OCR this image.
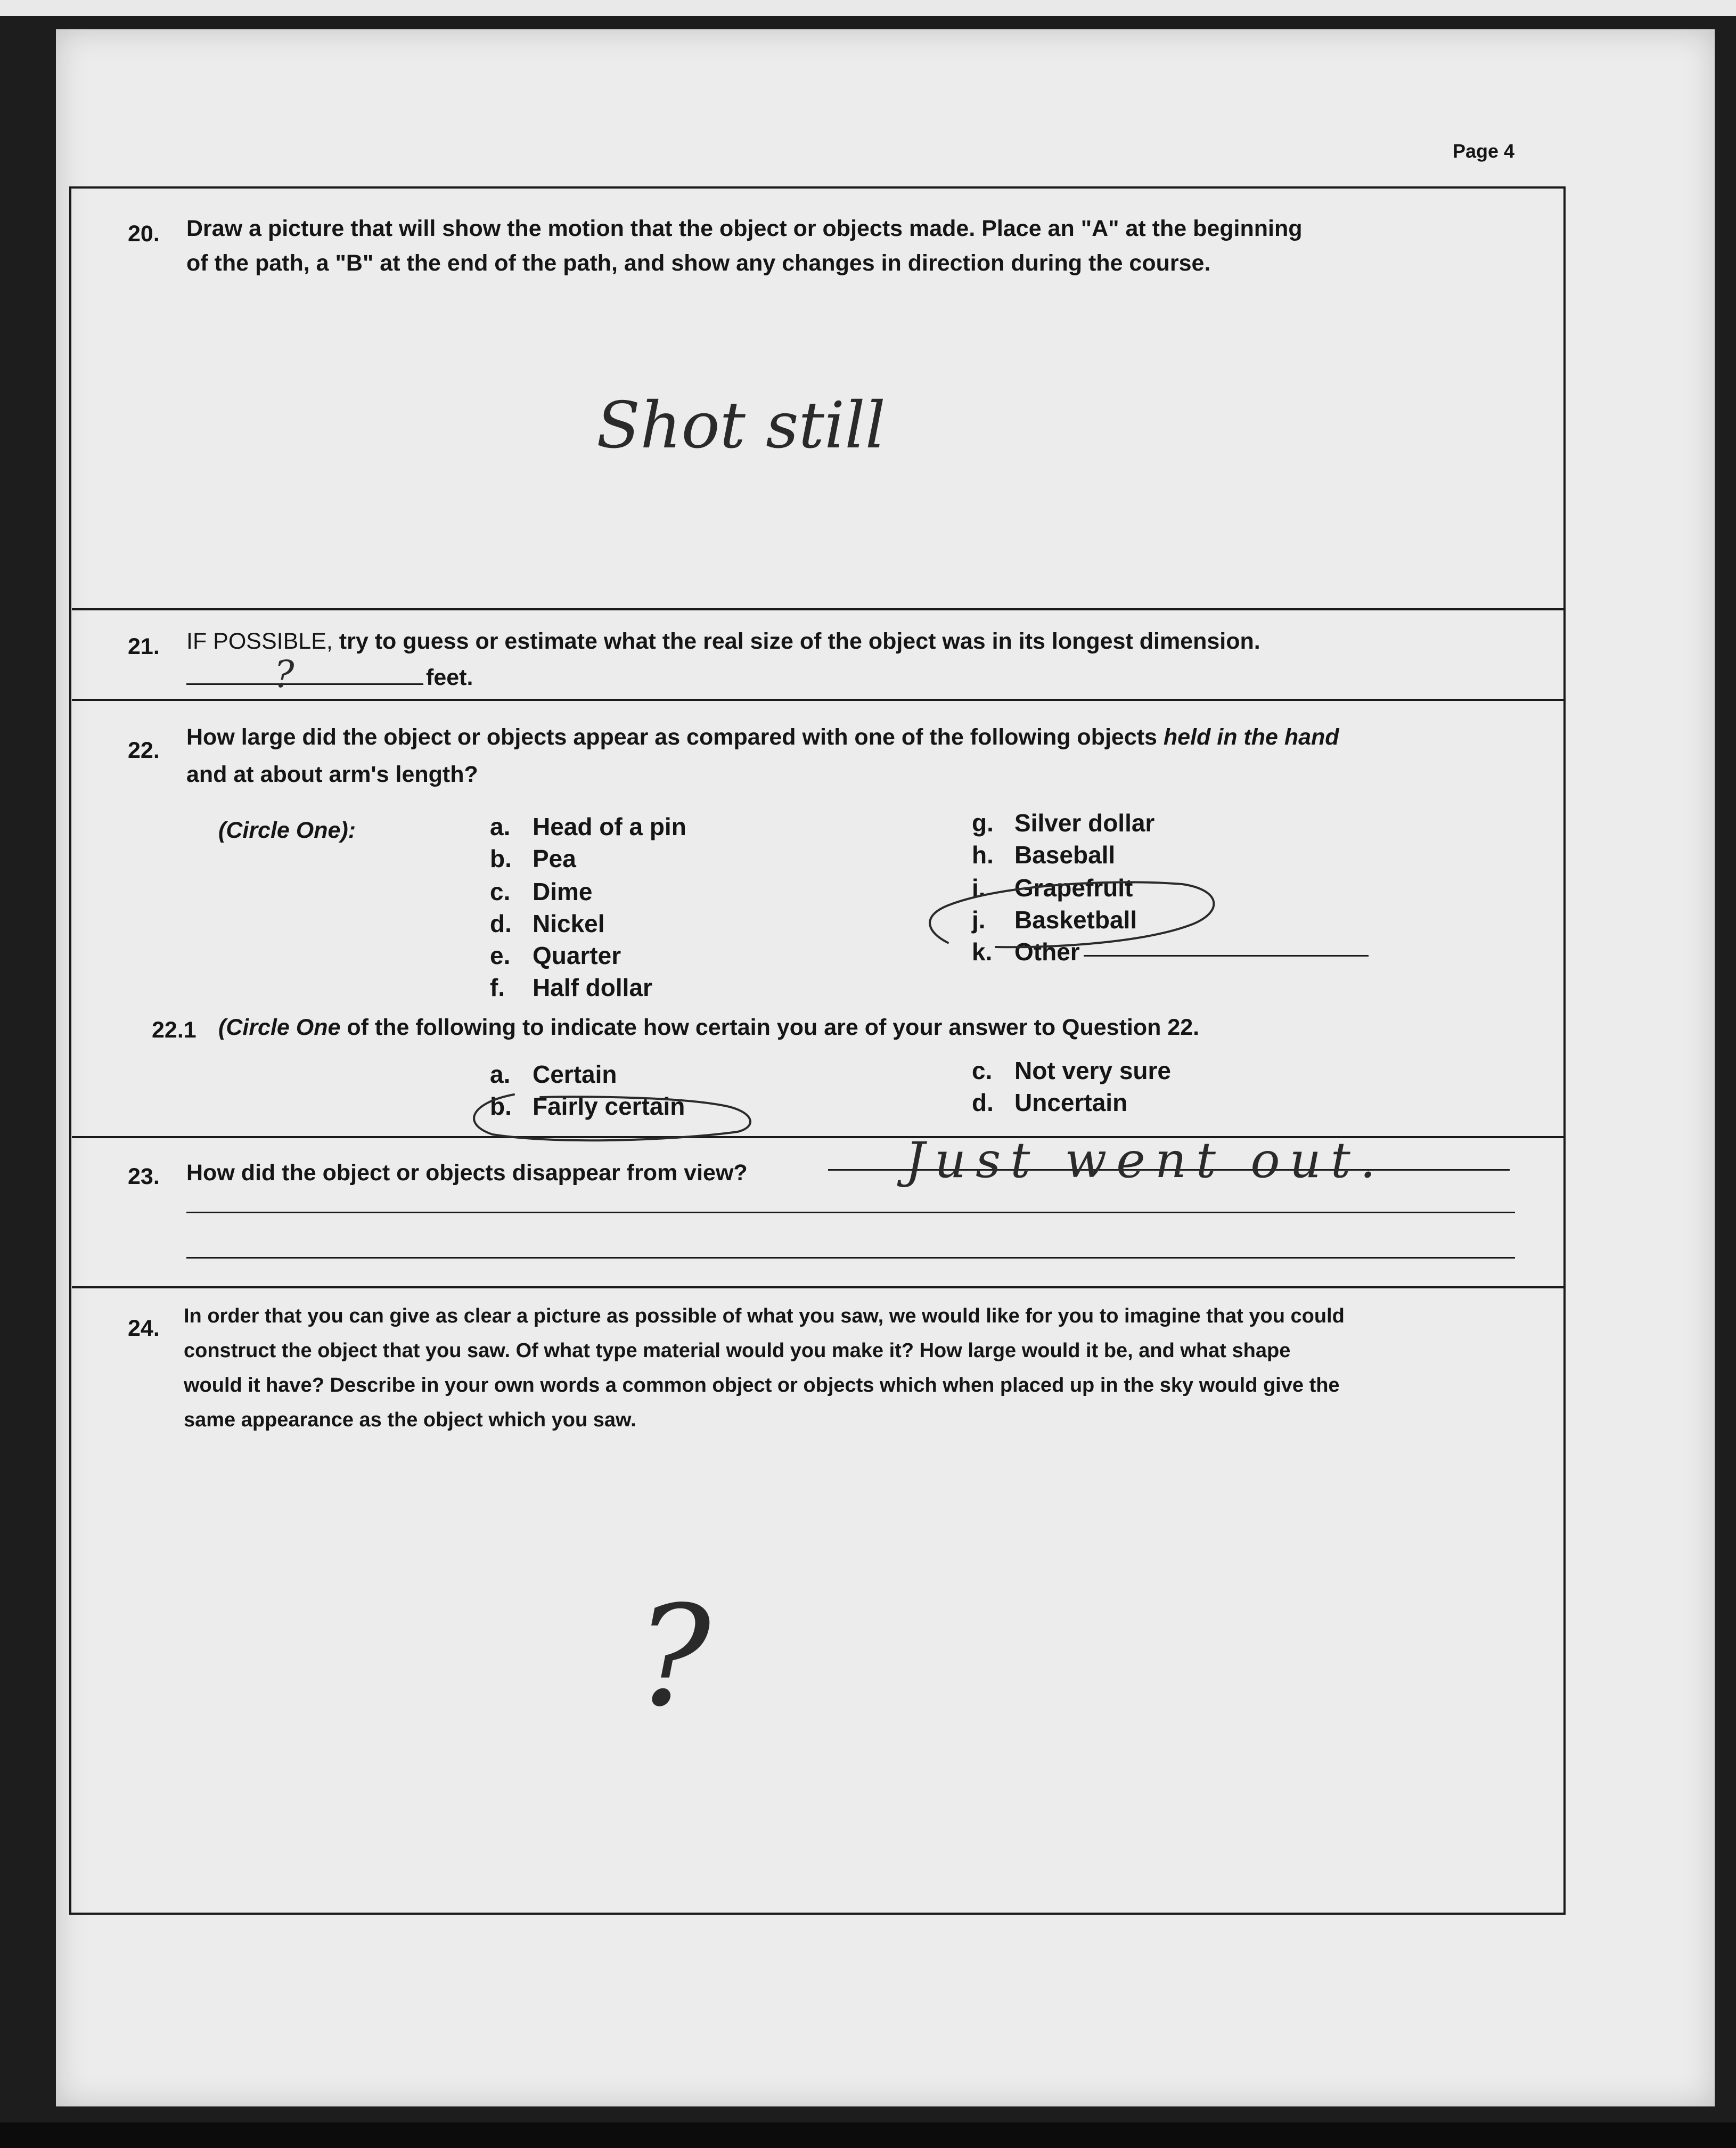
Page 4
20. Draw a picture that will show the motion that the object or objects made. Place an "A" at the beginning
of the path, a "B" at the end of the path, and show any changes in direction during the course.
Shot still
21. IF POSSIBLE, try to guess or estimate what the real size of the object was in its longest dimension.
?	feet.
22.
How large did the object or objects appear as compared with one of the following objects held in the hand
and at about arm's length?
(Circle One):	a. Head of a pin
b. Pea
c. Dime
d. Nickel
e. Quarter
f. Half dollar
g. Silver dollar
h. Baseball
i. Grapefruit
j. Basketball
k. Other
22.1 (Circle One of the following to indicate how certain you are of your answer to Question 22.
a. Certain
b. Fairly certain
c. Not very sure
d. Uncertain
23. How did the object or objects disappear from view?	Just went out.
24. In order that you can give as clear a picture as possible of what you saw, we would like for you to imagine that you could
construct the object that you saw. Of what type material would you make it? How large would it be, and what shape
would it have? Describe in your own words a common object or objects which when placed up in the sky would give the
same appearance as the object which you saw.
?
